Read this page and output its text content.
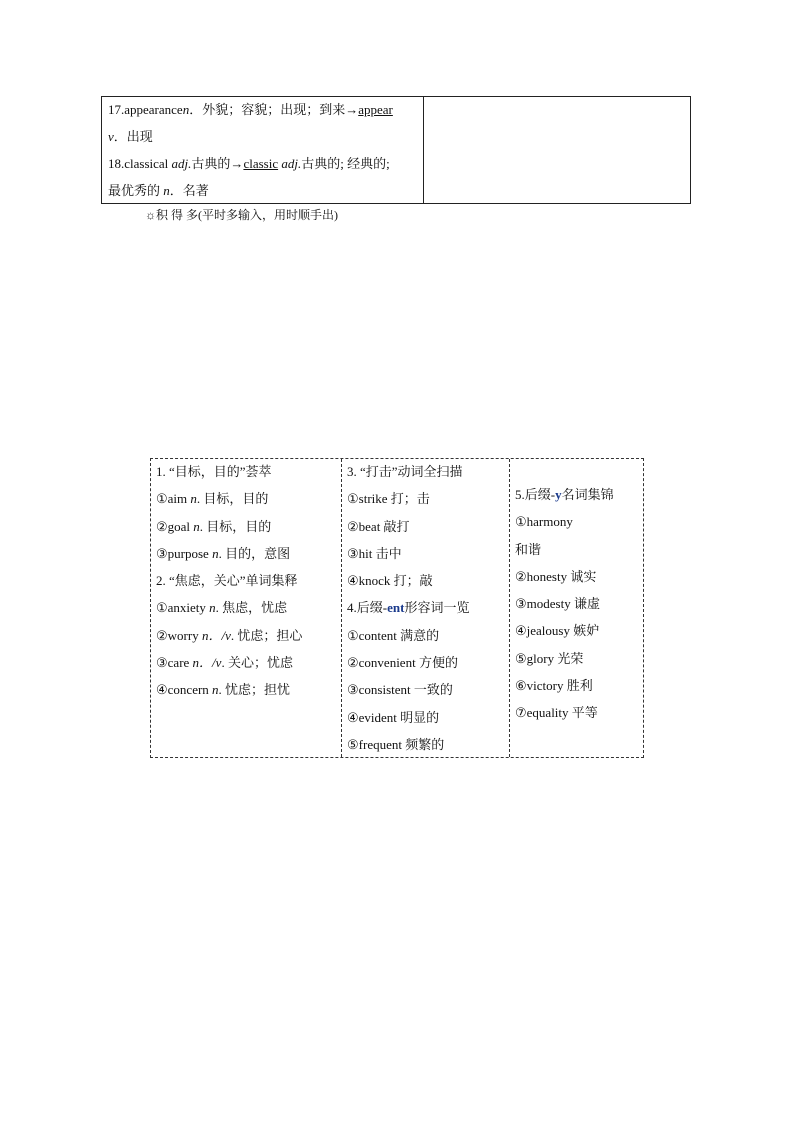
17.appearancen．外貌；容貌；出现；到来→appear
v．出现
18.classical adj.古典的→classic adj.古典的; 经典的;
最优秀的 n．名著
☼积 得 多(平时多输入，用时顺手出)
1. “目标，目的”荟萃
①aim n. 目标，目的
②goal n. 目标，目的
③purpose n. 目的，意图
2. “焦虑，关心”单词集释
①anxiety n. 焦虑，忧虑
②worry n．/v. 忧虑；担心
③care n．/v. 关心；忧虑
④concern n. 忧虑；担忧
3. “打击”动词全扫描
①strike 打；击
②beat 敲打
③hit 击中
④knock 打；敲
4.后缀-ent形容词一览
①content 满意的
②convenient 方便的
③consistent 一致的
④evident 明显的
⑤frequent 频繁的
5.后缀-y名词集锦
①harmony
和谐
②honesty 诚实
③modesty 谦虚
④jealousy 嫉妒
⑤glory 光荣
⑥victory 胜利
⑦equality 平等
